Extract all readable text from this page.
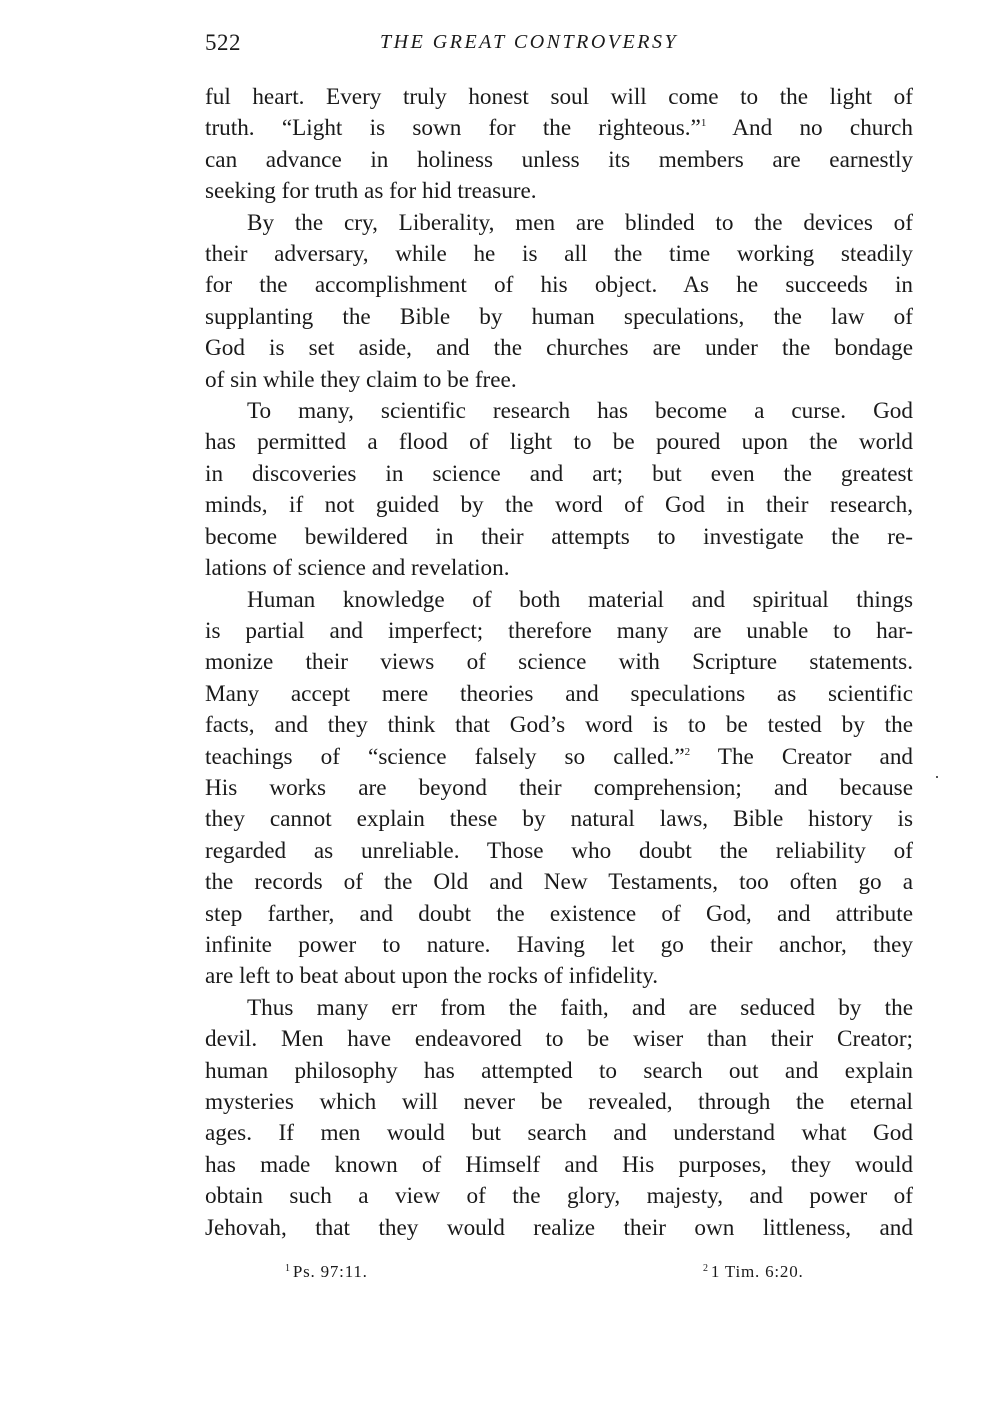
522	THE GREAT CONTROVERSY

ful heart. Every truly honest soul will come to the light of
truth. “Light is sown for the righteous.”$^1$ And no church
can advance in holiness unless its members are earnestly
seeking for truth as for hid treasure.

By the cry, Liberality, men are blinded to the devices of
their adversary, while he is all the time working steadily
for the accomplishment of his object. As he succeeds in
supplanting the Bible by human speculations, the law of
God is set aside, and the churches are under the bondage
of sin while they claim to be free.

To many, scientific research has become a curse. God
has permitted a flood of light to be poured upon the world
in discoveries in science and art; but even the greatest
minds, if not guided by the word of God in their research,
become bewildered in their attempts to investigate the re-
lations of science and revelation.

Human knowledge of both material and spiritual things
is partial and imperfect; therefore many are unable to har-
monize their views of science with Scripture statements.
Many accept mere theories and speculations as scientific
facts, and they think that God’s word is to be tested by the
teachings of “science falsely so called.”$^2$ The Creator and
His works are beyond their comprehension; and because
they cannot explain these by natural laws, Bible history is
regarded as unreliable. Those who doubt the reliability of
the records of the Old and New Testaments, too often go a
step farther, and doubt the existence of God, and attribute
infinite power to nature. Having let go their anchor, they
are left to beat about upon the rocks of infidelity.

Thus many err from the faith, and are seduced by the
devil. Men have endeavored to be wiser than their Creator;
human philosophy has attempted to search out and explain
mysteries which will never be revealed, through the eternal
ages. If men would but search and understand what God
has made known of Himself and His purposes, they would
obtain such a view of the glory, majesty, and power of
Jehovah, that they would realize their own littleness, and

$^1$ Ps. 97:11.	$^2$ 1 Tim. 6:20.
